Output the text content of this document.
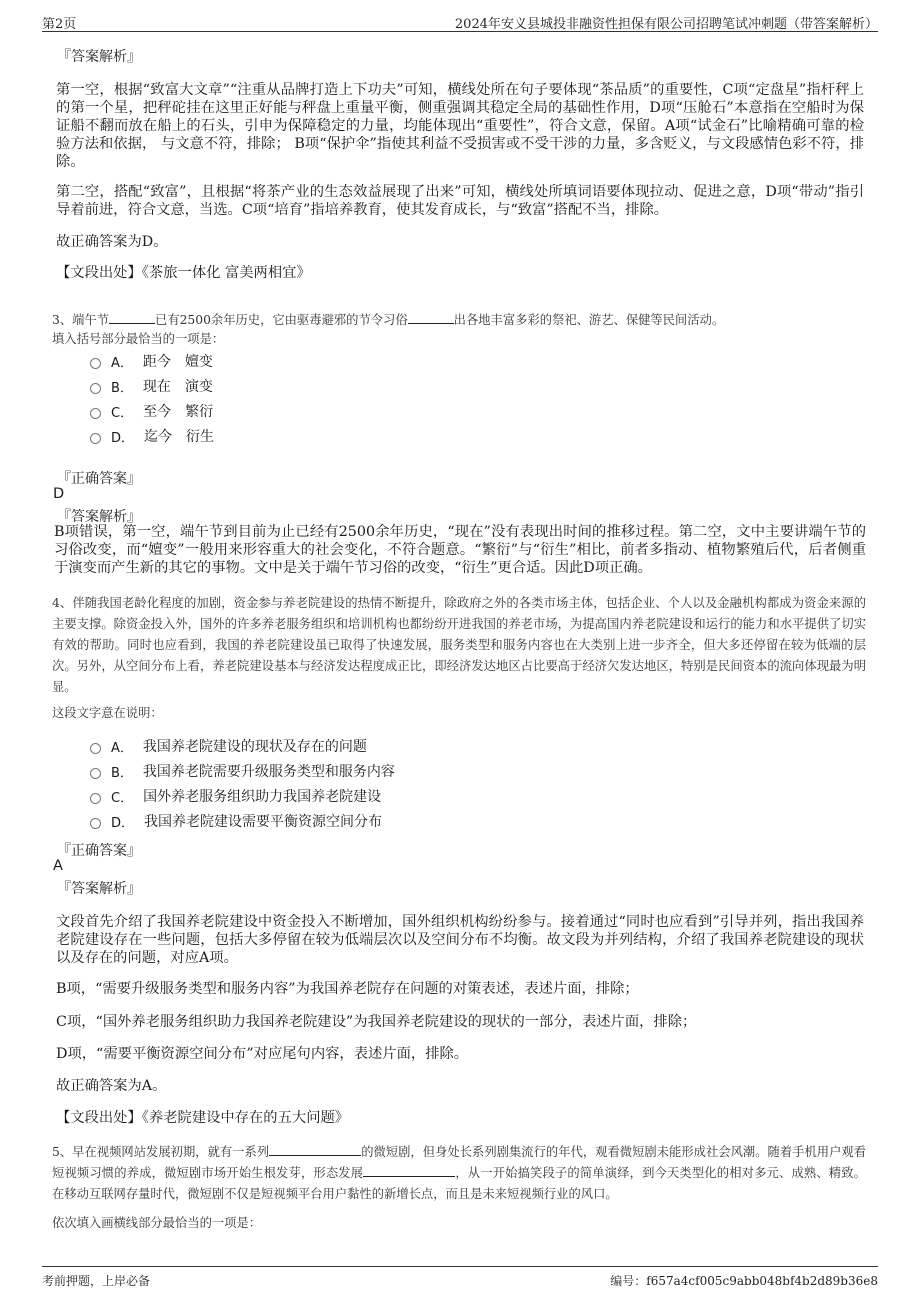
第2页	2024年安义县城投非融资性担保有限公司招聘笔试冲刺题（带答案解析）
『答案解析』

第一空，根据“致富大文章”“注重从品牌打造上下功夫”可知，横线处所在句子要体现“茶品质”的重要性，C项“定盘星”指杆秤上的第一个星，把秤砣挂在这里正好能与秤盘上重量平衡，侧重强调其稳定全局的基础性作用，D项“压舱石”本意指在空船时为保证船不翻而放在船上的石头，引申为保障稳定的力量，均能体现出“重要性”，符合文意，保留。A项“试金石”比喻精确可靠的检验方法和依据， 与文意不符，排除； B项“保护伞”指使其利益不受损害或不受干涉的力量，多含贬义，与文段感情色彩不符，排除。

第二空，搭配“致富”，且根据“将茶产业的生态效益展现了出来”可知，横线处所填词语要体现拉动、促进之意，D项“带动”指引导着前进，符合文意，当选。C项“培育”指培养教育，使其发育成长，与“致富”搭配不当，排除。

故正确答案为D。

【文段出处】《茶旅一体化 富美两相宜》

3、端午节	已有2500余年历史，它由驱毒避邪的节令习俗	出各地丰富多彩的祭祀、游艺、保健等民间活动。
填入括号部分最恰当的一项是：
A． 距今　嬗变
B． 现在　演变
C． 至今　繁衍
D． 迄今　衍生
『正确答案』
D
『答案解析』

B项错误，第一空，端午节到目前为止已经有2500余年历史，“现在”没有表现出时间的推移过程。第二空，文中主要讲端午节的习俗改变，而“嬗变”一般用来形容重大的社会变化，不符合题意。“繁衍”与“衍生”相比，前者多指动、植物繁殖后代，后者侧重于演变而产生新的其它的事物。文中是关于端午节习俗的改变，“衍生”更合适。因此D项正确。

4、伴随我国老龄化程度的加剧，资金参与养老院建设的热情不断提升，除政府之外的各类市场主体，包括企业、个人以及金融机构都成为资金来源的主要支撑。除资金投入外，国外的许多养老服务组织和培训机构也都纷纷开进我国的养老市场，为提高国内养老院建设和运行的能力和水平提供了切实有效的帮助。同时也应看到，我国的养老院建设虽已取得了快速发展，服务类型和服务内容也在大类别上进一步齐全，但大多还停留在较为低端的层次。另外，从空间分布上看，养老院建设基本与经济发达程度成正比，即经济发达地区占比要高于经济欠发达地区，特别是民间资本的流向体现最为明显。

这段文字意在说明：
A． 我国养老院建设的现状及存在的问题
B． 我国养老院需要升级服务类型和服务内容
C． 国外养老服务组织助力我国养老院建设
D． 我国养老院建设需要平衡资源空间分布
『正确答案』
A
『答案解析』

文段首先介绍了我国养老院建设中资金投入不断增加，国外组织机构纷纷参与。接着通过“同时也应看到”引导并列，指出我国养老院建设存在一些问题，包括大多停留在较为低端层次以及空间分布不均衡。故文段为并列结构，介绍了我国养老院建设的现状以及存在的问题，对应A项。

B项，“需要升级服务类型和服务内容”为我国养老院存在问题的对策表述，表述片面，排除；

C项，“国外养老服务组织助力我国养老院建设”为我国养老院建设的现状的一部分，表述片面，排除；

D项，“需要平衡资源空间分布”对应尾句内容，表述片面，排除。

故正确答案为A。

【文段出处】《养老院建设中存在的五大问题》

5、早在视频网站发展初期，就有一系列	的微短剧，但身处长系列剧集流行的年代，观看微短剧未能形成社会风潮。随着手机用户观看短视频习惯的养成，微短剧市场开始生根发芽，形态发展	，从一开始搞笑段子的简单演绎，到今天类型化的相对多元、成熟、精致。在移动互联网存量时代，微短剧不仅是短视频平台用户黏性的新增长点，而且是未来短视频行业的风口。

依次填入画横线部分最恰当的一项是：
考前押题，上岸必备	编号：f657a4cf005c9abb048bf4b2d89b36e8
